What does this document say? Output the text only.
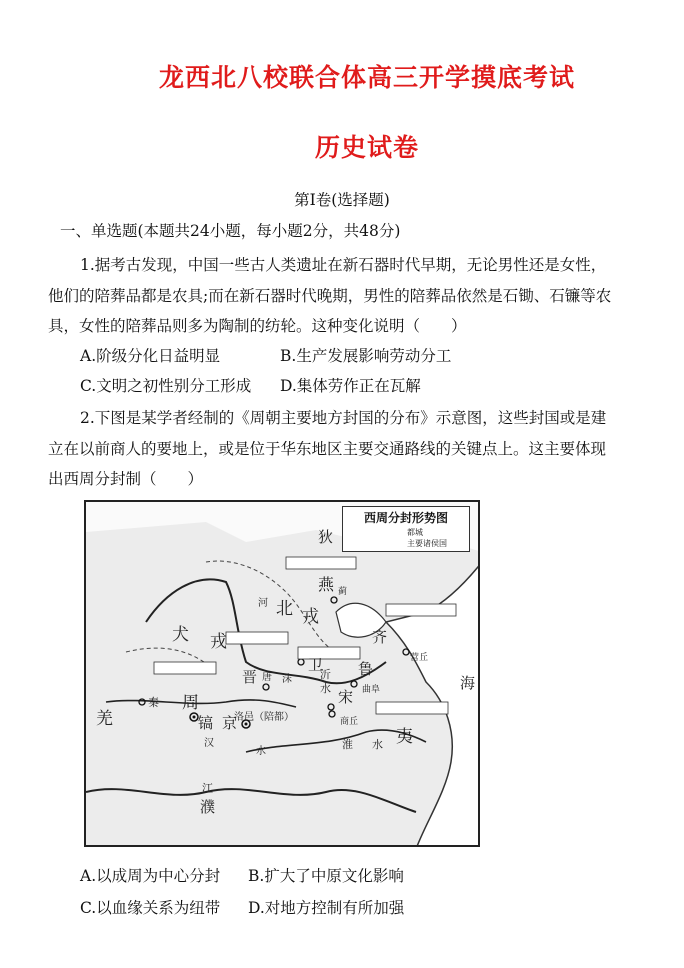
龙西北八校联合体高三开学摸底考试
历史试卷
第Ⅰ卷(选择题)
一、单选题(本题共24小题，每小题2分，共48分)
1.据考古发现，中国一些古人类遗址在新石器时代早期，无论男性还是女性，
他们的陪葬品都是农具;而在新石器时代晚期，男性的陪葬品依然是石锄、石镰等农
具，女性的陪葬品则多为陶制的纺轮。这种变化说明（　　）
A.阶级分化日益明显	B.生产发展影响劳动分工
C.文明之初性别分工形成 D.集体劳作正在瓦解
2.下图是某学者经制的《周朝主要地方封国的分布》示意图，这些封国或是建
立在以前商人的要地上，或是位于华东地区主要交通路线的关键点上。这主要体现
出西周分封制（　　）
狄
燕 蓟
河 北 戎
犬 戎
晋 唐
卫
沫
齐
营丘
鲁
曲阜
宋
商丘
沂
水
周
镐 京
秦
羌	洛邑（陪都）
汉
水
淮 水 夷
海
江
濮
西周分封形势图
都城
主要诸侯国
A.以成周为中心分封 B.扩大了中原文化影响
C.以血缘关系为纽带 D.对地方控制有所加强
